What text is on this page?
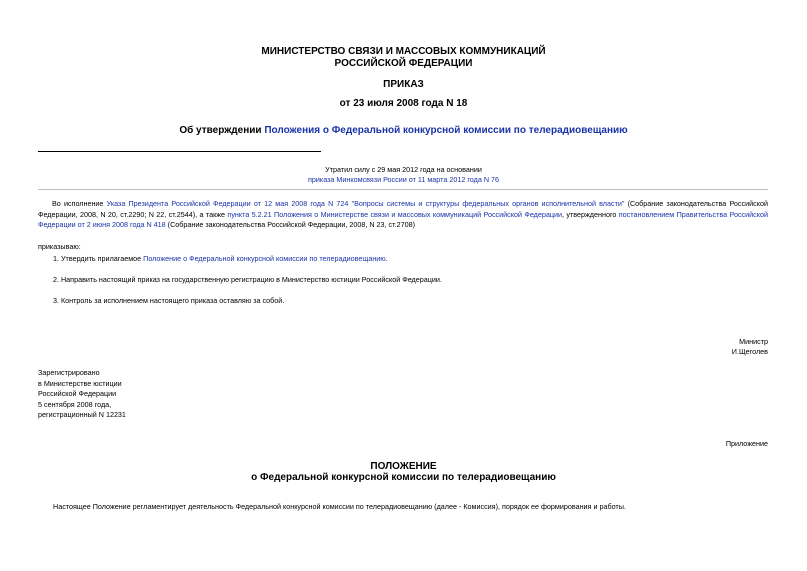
МИНИСТЕРСТВО СВЯЗИ И МАССОВЫХ КОММУНИКАЦИЙ
РОССИЙСКОЙ ФЕДЕРАЦИИ
ПРИКАЗ
от 23 июля 2008 года N 18
Об утверждении Положения о Федеральной конкурсной комиссии по телерадиовещанию
Утратил силу с 29 мая 2012 года на основании
приказа Минкомсвязи России от 11 марта 2012 года N 76
Во исполнение Указа Президента Российской Федерации от 12 мая 2008 года N 724 "Вопросы системы и структуры федеральных органов исполнительной власти" (Собрание законодательства Российской Федерации, 2008, N 20, ст.2290; N 22, ст.2544), а также пункта 5.2.21 Положения о Министерстве связи и массовых коммуникаций Российской Федерации, утвержденного постановлением Правительства Российской Федерации от 2 июня 2008 года N 418 (Собрание законодательства Российской Федерации, 2008, N 23, ст.2708)
приказываю:
1. Утвердить прилагаемое Положение о Федеральной конкурсной комиссии по телерадиовещанию.
2. Направить настоящий приказ на государственную регистрацию в Министерство юстиции Российской Федерации.
3. Контроль за исполнением настоящего приказа оставляю за собой.
Министр
И.Щеголев
Зарегистрировано
в Министерстве юстиции
Российской Федерации
5 сентября 2008 года,
регистрационный N 12231
Приложение
ПОЛОЖЕНИЕ
о Федеральной конкурсной комиссии по телерадиовещанию
Настоящее Положение регламентирует деятельность Федеральной конкурсной комиссии по телерадиовещанию (далее - Комиссия), порядок ее формирования и работы.
